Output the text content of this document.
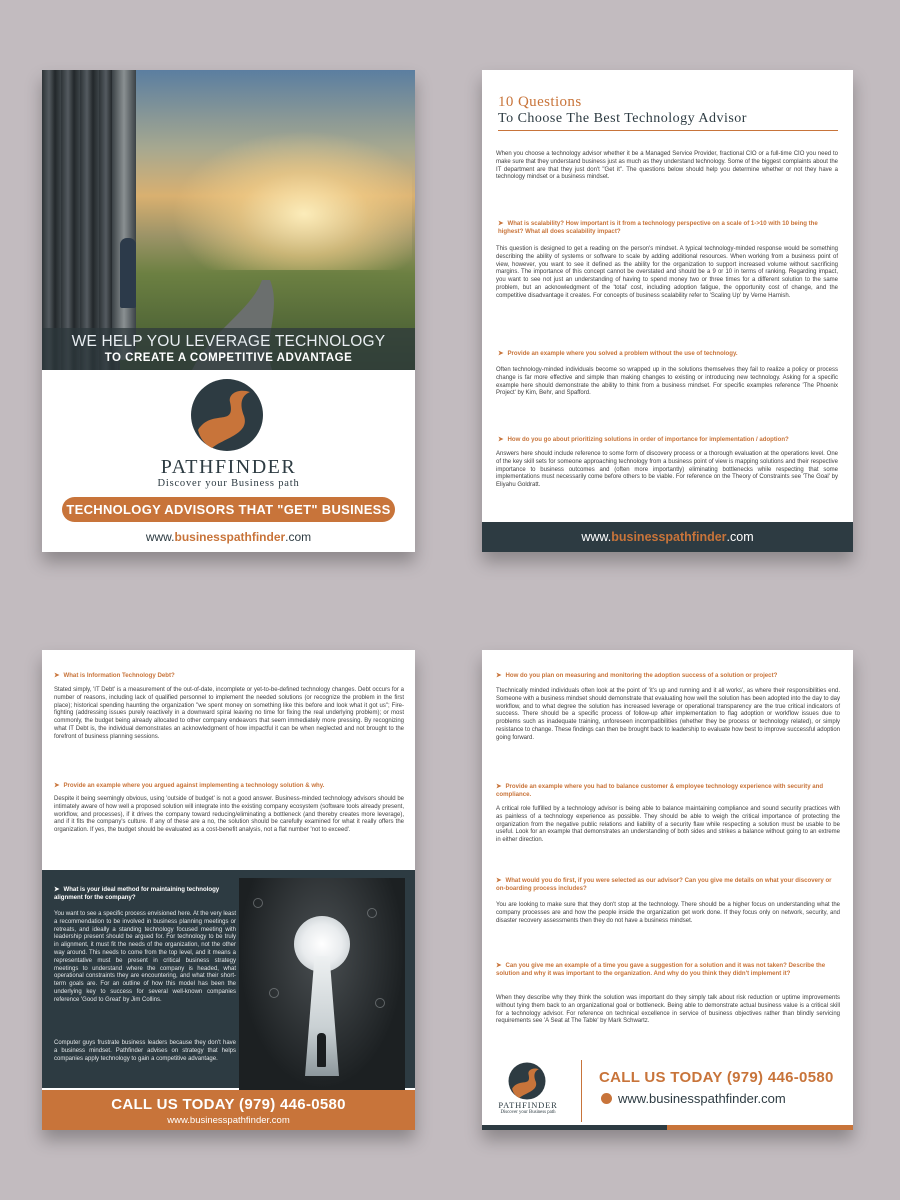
WE HELP YOU LEVERAGE TECHNOLOGY
TO CREATE A COMPETITIVE ADVANTAGE
PATHFINDER
Discover your Business path
TECHNOLOGY ADVISORS THAT "GET" BUSINESS
www.businesspathfinder.com
10 Questions
To Choose The Best Technology Advisor
When you choose a technology advisor whether it be a Managed Service Provider, fractional CIO or a full-time CIO you need to make sure that they understand business just as much as they understand technology. Some of the biggest complaints about the IT department are that they just don't "Get it". The questions below should help you determine whether or not they have a technology mindset or a business mindset.
➤ What is scalability? How important is it from a technology perspective on a scale of 1->10 with 10 being the highest? What all does scalability impact?
This question is designed to get a reading on the person's mindset. A typical technology-minded response would be something describing the ability of systems or software to scale by adding additional resources. When working from a business point of view, however, you want to see it defined as the ability for the organization to support increased volume without sacrificing margins. The importance of this concept cannot be overstated and should be a 9 or 10 in terms of ranking. Regarding impact, you want to see not just an understanding of having to spend money two or three times for a different solution to the same problem, but an acknowledgment of the 'total' cost, including adoption fatigue, the opportunity cost of change, and the competitive disadvantage it creates. For concepts of business scalability refer to 'Scaling Up' by Verne Harnish.
➤ Provide an example where you solved a problem without the use of technology.
Often technology-minded individuals become so wrapped up in the solutions themselves they fail to realize a policy or process change is far more effective and simple than making changes to existing or introducing new technology. Asking for a specific example here should demonstrate the ability to think from a business mindset. For specific examples reference 'The Phoenix Project' by Kim, Behr, and Spafford.
➤ How do you go about prioritizing solutions in order of importance for implementation / adoption?
Answers here should include reference to some form of discovery process or a thorough evaluation at the operations level. One of the key skill sets for someone approaching technology from a business point of view is mapping solutions and their respective importance to business outcomes and (often more importantly) eliminating bottlenecks while respecting that some implementations must necessarily come before others to be viable. For reference on the Theory of Constraints see 'The Goal' by Eliyahu Goldratt.
www.businesspathfinder.com
➤ What is Information Technology Debt?
Stated simply, 'IT Debt' is a measurement of the out-of-date, incomplete or yet-to-be-defined technology changes. Debt occurs for a number of reasons, including lack of qualified personnel to implement the needed solutions (or recognize the problem in the first place); historical spending haunting the organization "we spent money on something like this before and look what it got us"; Fire-fighting (addressing issues purely reactively in a downward spiral leaving no time for fixing the real underlying problem); or most commonly, the budget being already allocated to other company endeavors that seem immediately more pressing. By recognizing what IT Debt is, the individual demonstrates an acknowledgment of how impactful it can be when neglected and not brought to the forefront of business planning sessions.
➤ Provide an example where you argued against implementing a technology solution & why.
Despite it being seemingly obvious, using 'outside of budget' is not a good answer. Business-minded technology advisors should be intimately aware of how well a proposed solution will integrate into the existing company ecosystem (software tools already present, workflow, and processes), if it drives the company toward reducing/eliminating a bottleneck (and thereby creates more leverage), and if it fits the company's culture. If any of these are a no, the solution should be carefully examined for what it really offers the organization. If yes, the budget should be evaluated as a cost-benefit analysis, not a flat number 'not to exceed'.
➤ What is your ideal method for maintaining technology alignment for the company?
You want to see a specific process envisioned here. At the very least a recommendation to be involved in business planning meetings or retreats, and ideally a standing technology focused meeting with leadership present should be argued for. For technology to be truly in alignment, it must fit the needs of the organization, not the other way around. This needs to come from the top level, and it means a representative must be present in critical business strategy meetings to understand where the company is headed, what operational constraints they are encountering, and what their short-term goals are. For an outline of how this model has been the underlying key to success for several well-known companies reference 'Good to Great' by Jim Collins.
Computer guys frustrate business leaders because they don't have a business mindset. Pathfinder advises on strategy that helps companies apply technology to gain a competitive advantage.
CALL US TODAY (979) 446-0580
www.businesspathfinder.com
➤ How do you plan on measuring and monitoring the adoption success of a solution or project?
Ttechnically minded individuals often look at the point of 'it's up and running and it all works', as where their responsibilities end. Someone with a business mindset should demonstrate that evaluating how well the solution has been adopted into the day to day workflow, and to what degree the solution has increased leverage or operational transparency are the true critical indicators of success. There should be a specific process of follow-up after implementation to flag adoption or workflow issues due to problems such as inadequate training, unforeseen incompatibilities (whether they be process or technology related), or simply resistance to change. These findings can then be brought back to leadership to evaluate how best to improve successful adoption going forward.
➤ Provide an example where you had to balance customer & employee technology experience with security and compliance.
A critical role fulfilled by a technology advisor is being able to balance maintaining compliance and sound security practices with as painless of a technology experience as possible. They should be able to weigh the critical importance of protecting the organization from the negative public relations and liability of a security flaw while respecting a solution must be usable to be useful. Look for an example that demonstrates an understanding of both sides and strikes a balance without going to an extreme in either direction.
➤ What would you do first, if you were selected as our advisor? Can you give me details on what your discovery or on-boarding process includes?
You are looking to make sure that they don't stop at the technology. There should be a higher focus on understanding what the company processes are and how the people inside the organization get work done. If they focus only on network, security, and disaster recovery assessments then they do not have a business mindset.
➤ Can you give me an example of a time you gave a suggestion for a solution and it was not taken? Describe the solution and why it was important to the organization. And why do you think they didn't implement it?
When they describe why they think the solution was important do they simply talk about risk reduction or uptime improvements without tying them back to an organizational goal or bottleneck. Being able to demonstrate actual business value is a critical skill for a technology advisor. For reference on technical excellence in service of business objectives rather than blindly servicing requirements see 'A Seat at The Table' by Mark Schwartz.
PATHFINDER
Discover your Business path
CALL US TODAY (979) 446-0580
www.businesspathfinder.com
